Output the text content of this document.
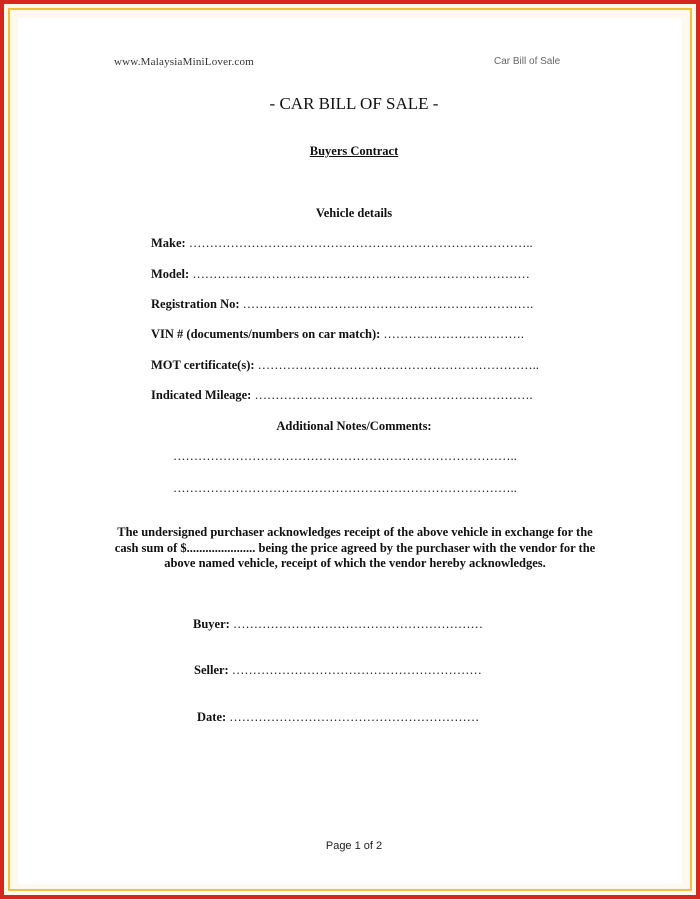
www.MalaysiaMiniLover.com	Car Bill of Sale
- CAR BILL OF SALE -
Buyers Contract
Vehicle details
Make: ………………………………………………………………………..
Model: ………………………………………………………………………
Registration No: …………………………………………………………….
VIN # (documents/numbers on car match): …………………………….
MOT certificate(s): …………………………………………………………..
Indicated Mileage: ………………………………………………………….
Additional Notes/Comments:
………………………………………………………………………..
………………………………………………………………………..
The undersigned purchaser acknowledges receipt of the above vehicle in exchange for the cash sum of $...................... being the price agreed by the purchaser with the vendor for the above named vehicle, receipt of which the vendor hereby acknowledges.
Buyer: ……………………………………………………
Seller: ……………………………………………………
Date: ……………………………………………………
Page 1 of 2
